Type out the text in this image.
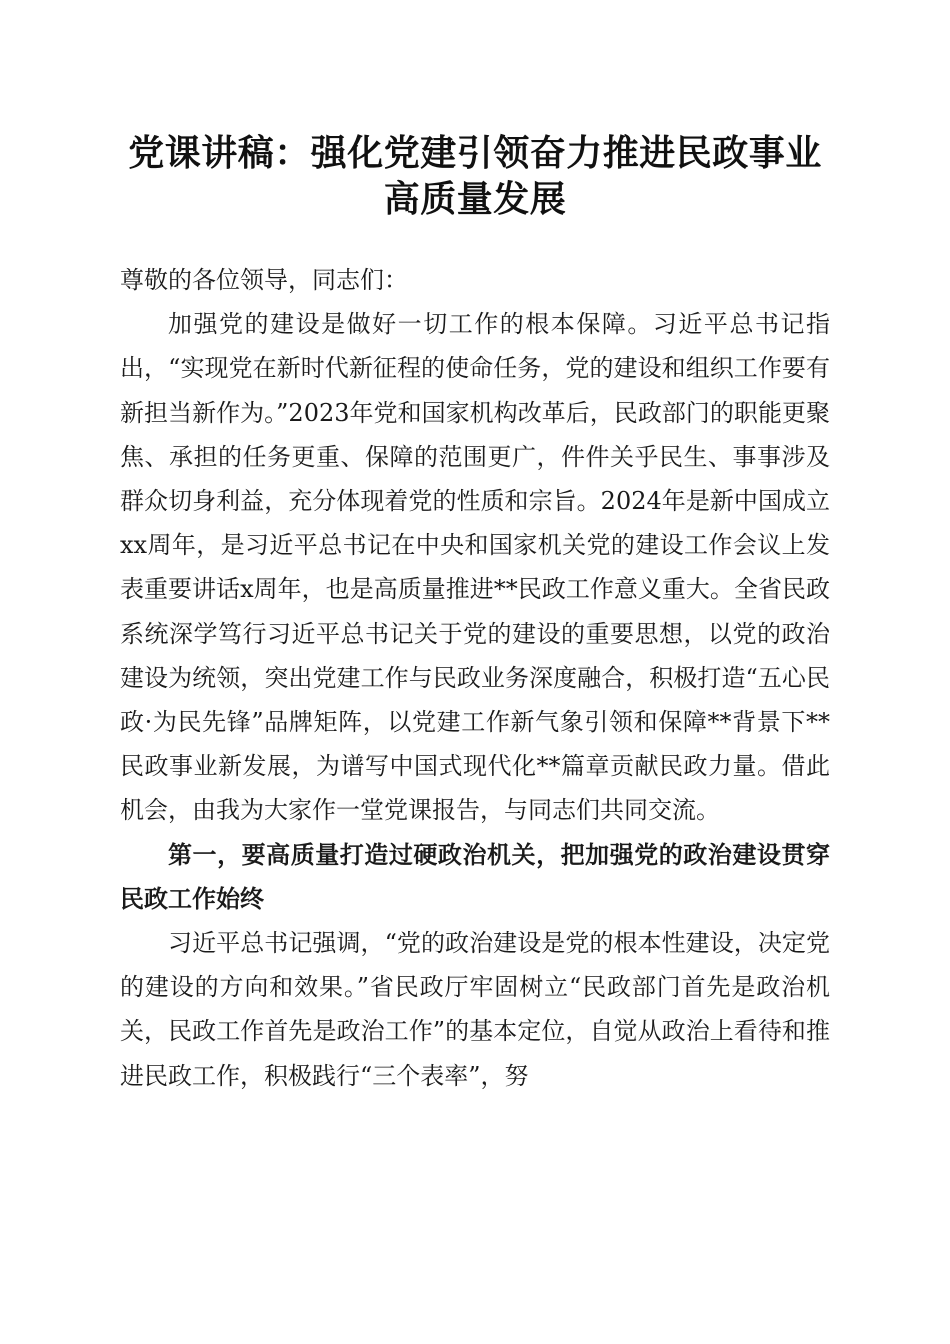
党课讲稿：强化党建引领奋力推进民政事业高质量发展

尊敬的各位领导，同志们：

加强党的建设是做好一切工作的根本保障。习近平总书记指出，“实现党在新时代新征程的使命任务，党的建设和组织工作要有新担当新作为。”2023年党和国家机构改革后，民政部门的职能更聚焦、承担的任务更重、保障的范围更广，件件关乎民生、事事涉及群众切身利益，充分体现着党的性质和宗旨。2024年是新中国成立xx周年，是习近平总书记在中央和国家机关党的建设工作会议上发表重要讲话x周年，也是高质量推进**民政工作意义重大。全省民政系统深学笃行习近平总书记关于党的建设的重要思想，以党的政治建设为统领，突出党建工作与民政业务深度融合，积极打造“五心民政·为民先锋”品牌矩阵，以党建工作新气象引领和保障**背景下**民政事业新发展，为谱写中国式现代化**篇章贡献民政力量。借此机会，由我为大家作一堂党课报告，与同志们共同交流。

第一，要高质量打造过硬政治机关，把加强党的政治建设贯穿民政工作始终

习近平总书记强调，“党的政治建设是党的根本性建设，决定党的建设的方向和效果。”省民政厅牢固树立“民政部门首先是政治机关，民政工作首先是政治工作”的基本定位，自觉从政治上看待和推进民政工作，积极践行“三个表率”，努
